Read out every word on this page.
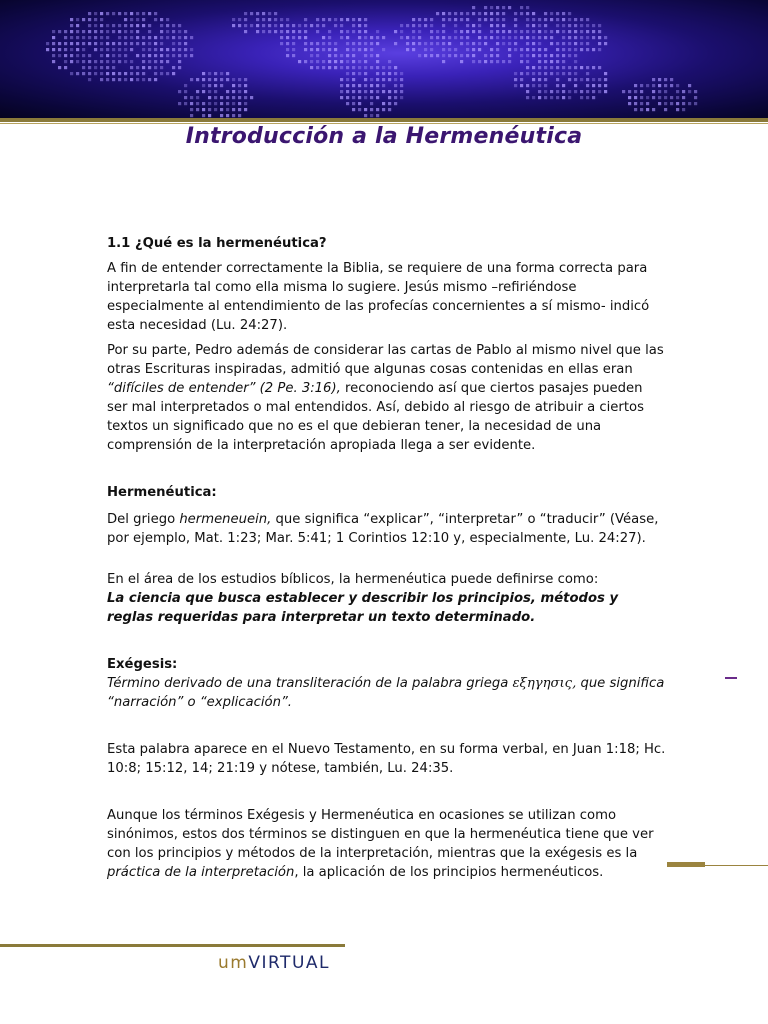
Introducción a la Hermenéutica

1.1 ¿Qué es la hermenéutica?

A fin de entender correctamente la Biblia, se requiere de una forma correcta para interpretarla tal como ella misma lo sugiere. Jesús mismo –refiriéndose especialmente al entendimiento de las profecías concernientes a sí mismo- indicó esta necesidad (Lu. 24:27).

Por su parte, Pedro además de considerar las cartas de Pablo al mismo nivel que las otras Escrituras inspiradas, admitió que algunas cosas contenidas en ellas eran “difíciles de entender” (2 Pe. 3:16), reconociendo así que ciertos pasajes pueden ser mal interpretados o mal entendidos. Así, debido al riesgo de atribuir a ciertos textos un significado que no es el que debieran tener, la necesidad de una comprensión de la interpretación apropiada llega a ser evidente.

Hermenéutica:

Del griego hermeneuein, que significa “explicar”, “interpretar” o “traducir” (Véase, por ejemplo, Mat. 1:23; Mar. 5:41; 1 Corintios 12:10 y, especialmente, Lu. 24:27).

En el área de los estudios bíblicos, la hermenéutica puede definirse como:

La ciencia que busca establecer y describir los principios, métodos y reglas requeridas para interpretar un texto determinado.

Exégesis:

Término derivado de una transliteración de la palabra griega εξηγησις, que significa “narración” o “explicación”.

Esta palabra aparece en el Nuevo Testamento, en su forma verbal, en Juan 1:18; Hc. 10:8; 15:12, 14; 21:19 y nótese, también, Lu. 24:35.

Aunque los términos Exégesis y Hermenéutica en ocasiones se utilizan como sinónimos, estos dos términos se distinguen en que la hermenéutica tiene que ver con los principios y métodos de la interpretación, mientras que la exégesis es la práctica de la interpretación, la aplicación de los principios hermenéuticos.

umVIRTUAL
